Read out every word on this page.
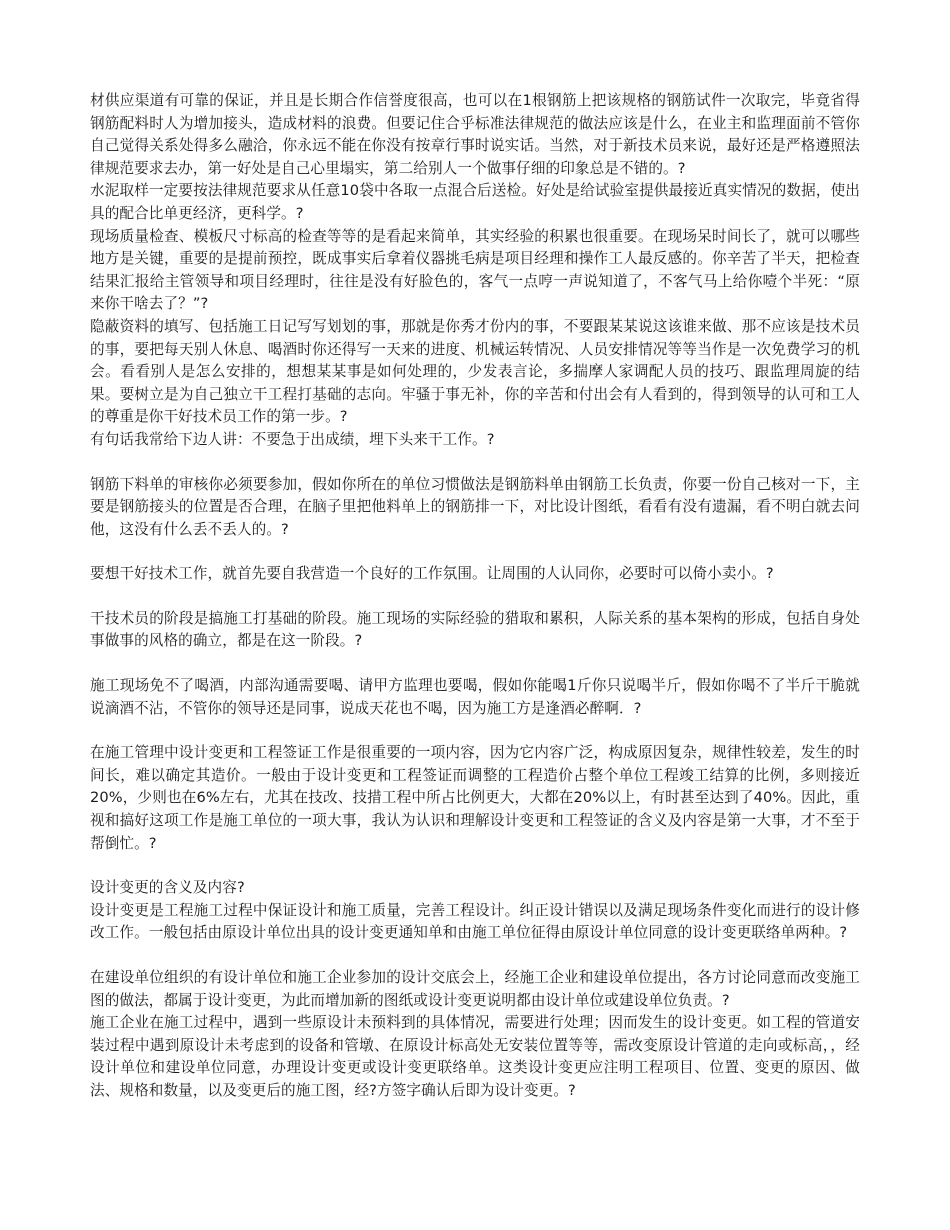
材供应渠道有可靠的保证，并且是长期合作信誉度很高，也可以在1根钢筋上把该规格的钢筋试件一次取完，毕竟省得钢筋配料时人为增加接头，造成材料的浪费。但要记住合乎标准法律规范的做法应该是什么，在业主和监理面前不管你自己觉得关系处得多么融洽，你永远不能在你没有按章行事时说实话。当然，对于新技术员来说，最好还是严格遵照法律规范要求去办，第一好处是自己心里塌实，第二给别人一个做事仔细的印象总是不错的。?

水泥取样一定要按法律规范要求从任意10袋中各取一点混合后送检。好处是给试验室提供最接近真实情况的数据，使出具的配合比单更经济，更科学。?

现场质量检查、模板尺寸标高的检查等等的是看起来简单，其实经验的积累也很重要。在现场呆时间长了，就可以哪些地方是关键，重要的是提前预控，既成事实后拿着仪器挑毛病是项目经理和操作工人最反感的。你辛苦了半天，把检查结果汇报给主管领导和项目经理时，往往是没有好脸色的，客气一点哼一声说知道了，不客气马上给你噎个半死：“原来你干啥去了？”?

隐蔽资料的填写、包括施工日记写写划划的事，那就是你秀才份内的事，不要跟某某说这该谁来做、那不应该是技术员的事，要把每天别人休息、喝酒时你还得写一天来的进度、机械运转情况、人员安排情况等等当作是一次免费学习的机会。看看别人是怎么安排的，想想某某事是如何处理的，少发表言论，多揣摩人家调配人员的技巧、跟监理周旋的结果。要树立是为自己独立干工程打基础的志向。牢骚于事无补，你的辛苦和付出会有人看到的，得到领导的认可和工人的尊重是你干好技术员工作的第一步。?

有句话我常给下边人讲：不要急于出成绩，埋下头来干工作。?

钢筋下料单的审核你必须要参加，假如你所在的单位习惯做法是钢筋料单由钢筋工长负责，你要一份自己核对一下，主要是钢筋接头的位置是否合理，在脑子里把他料单上的钢筋排一下，对比设计图纸，看看有没有遗漏，看不明白就去问他，这没有什么丢不丢人的。?

要想干好技术工作，就首先要自我营造一个良好的工作氛围。让周围的人认同你，必要时可以倚小卖小。?

干技术员的阶段是搞施工打基础的阶段。施工现场的实际经验的猎取和累积，人际关系的基本架构的形成，包括自身处事做事的风格的确立，都是在这一阶段。?

施工现场免不了喝酒，内部沟通需要喝、请甲方监理也要喝，假如你能喝1斤你只说喝半斤，假如你喝不了半斤干脆就说滴酒不沾，不管你的领导还是同事，说成天花也不喝，因为施工方是逢酒必醉啊．?

在施工管理中设计变更和工程签证工作是很重要的一项内容，因为它内容广泛，构成原因复杂，规律性较差，发生的时间长，难以确定其造价。一般由于设计变更和工程签证而调整的工程造价占整个单位工程竣工结算的比例，多则接近20%，少则也在6%左右，尤其在技改、技措工程中所占比例更大，大都在20%以上，有时甚至达到了40%。因此，重视和搞好这项工作是施工单位的一项大事，我认为认识和理解设计变更和工程签证的含义及内容是第一大事，才不至于帮倒忙。?

设计变更的含义及内容?

设计变更是工程施工过程中保证设计和施工质量，完善工程设计。纠正设计错误以及满足现场条件变化而进行的设计修改工作。一般包括由原设计单位出具的设计变更通知单和由施工单位征得由原设计单位同意的设计变更联络单两种。?

在建设单位组织的有设计单位和施工企业参加的设计交底会上，经施工企业和建设单位提出，各方讨论同意而改变施工图的做法，都属于设计变更，为此而增加新的图纸或设计变更说明都由设计单位或建设单位负责。?

施工企业在施工过程中，遇到一些原设计未预料到的具体情况，需要进行处理；因而发生的设计变更。如工程的管道安装过程中遇到原设计未考虑到的设备和管墩、在原设计标高处无安装位置等等，需改变原设计管道的走向或标高，，经设计单位和建设单位同意，办理设计变更或设计变更联络单。这类设计变更应注明工程项目、位置、变更的原因、做法、规格和数量，以及变更后的施工图，经?方签字确认后即为设计变更。?
